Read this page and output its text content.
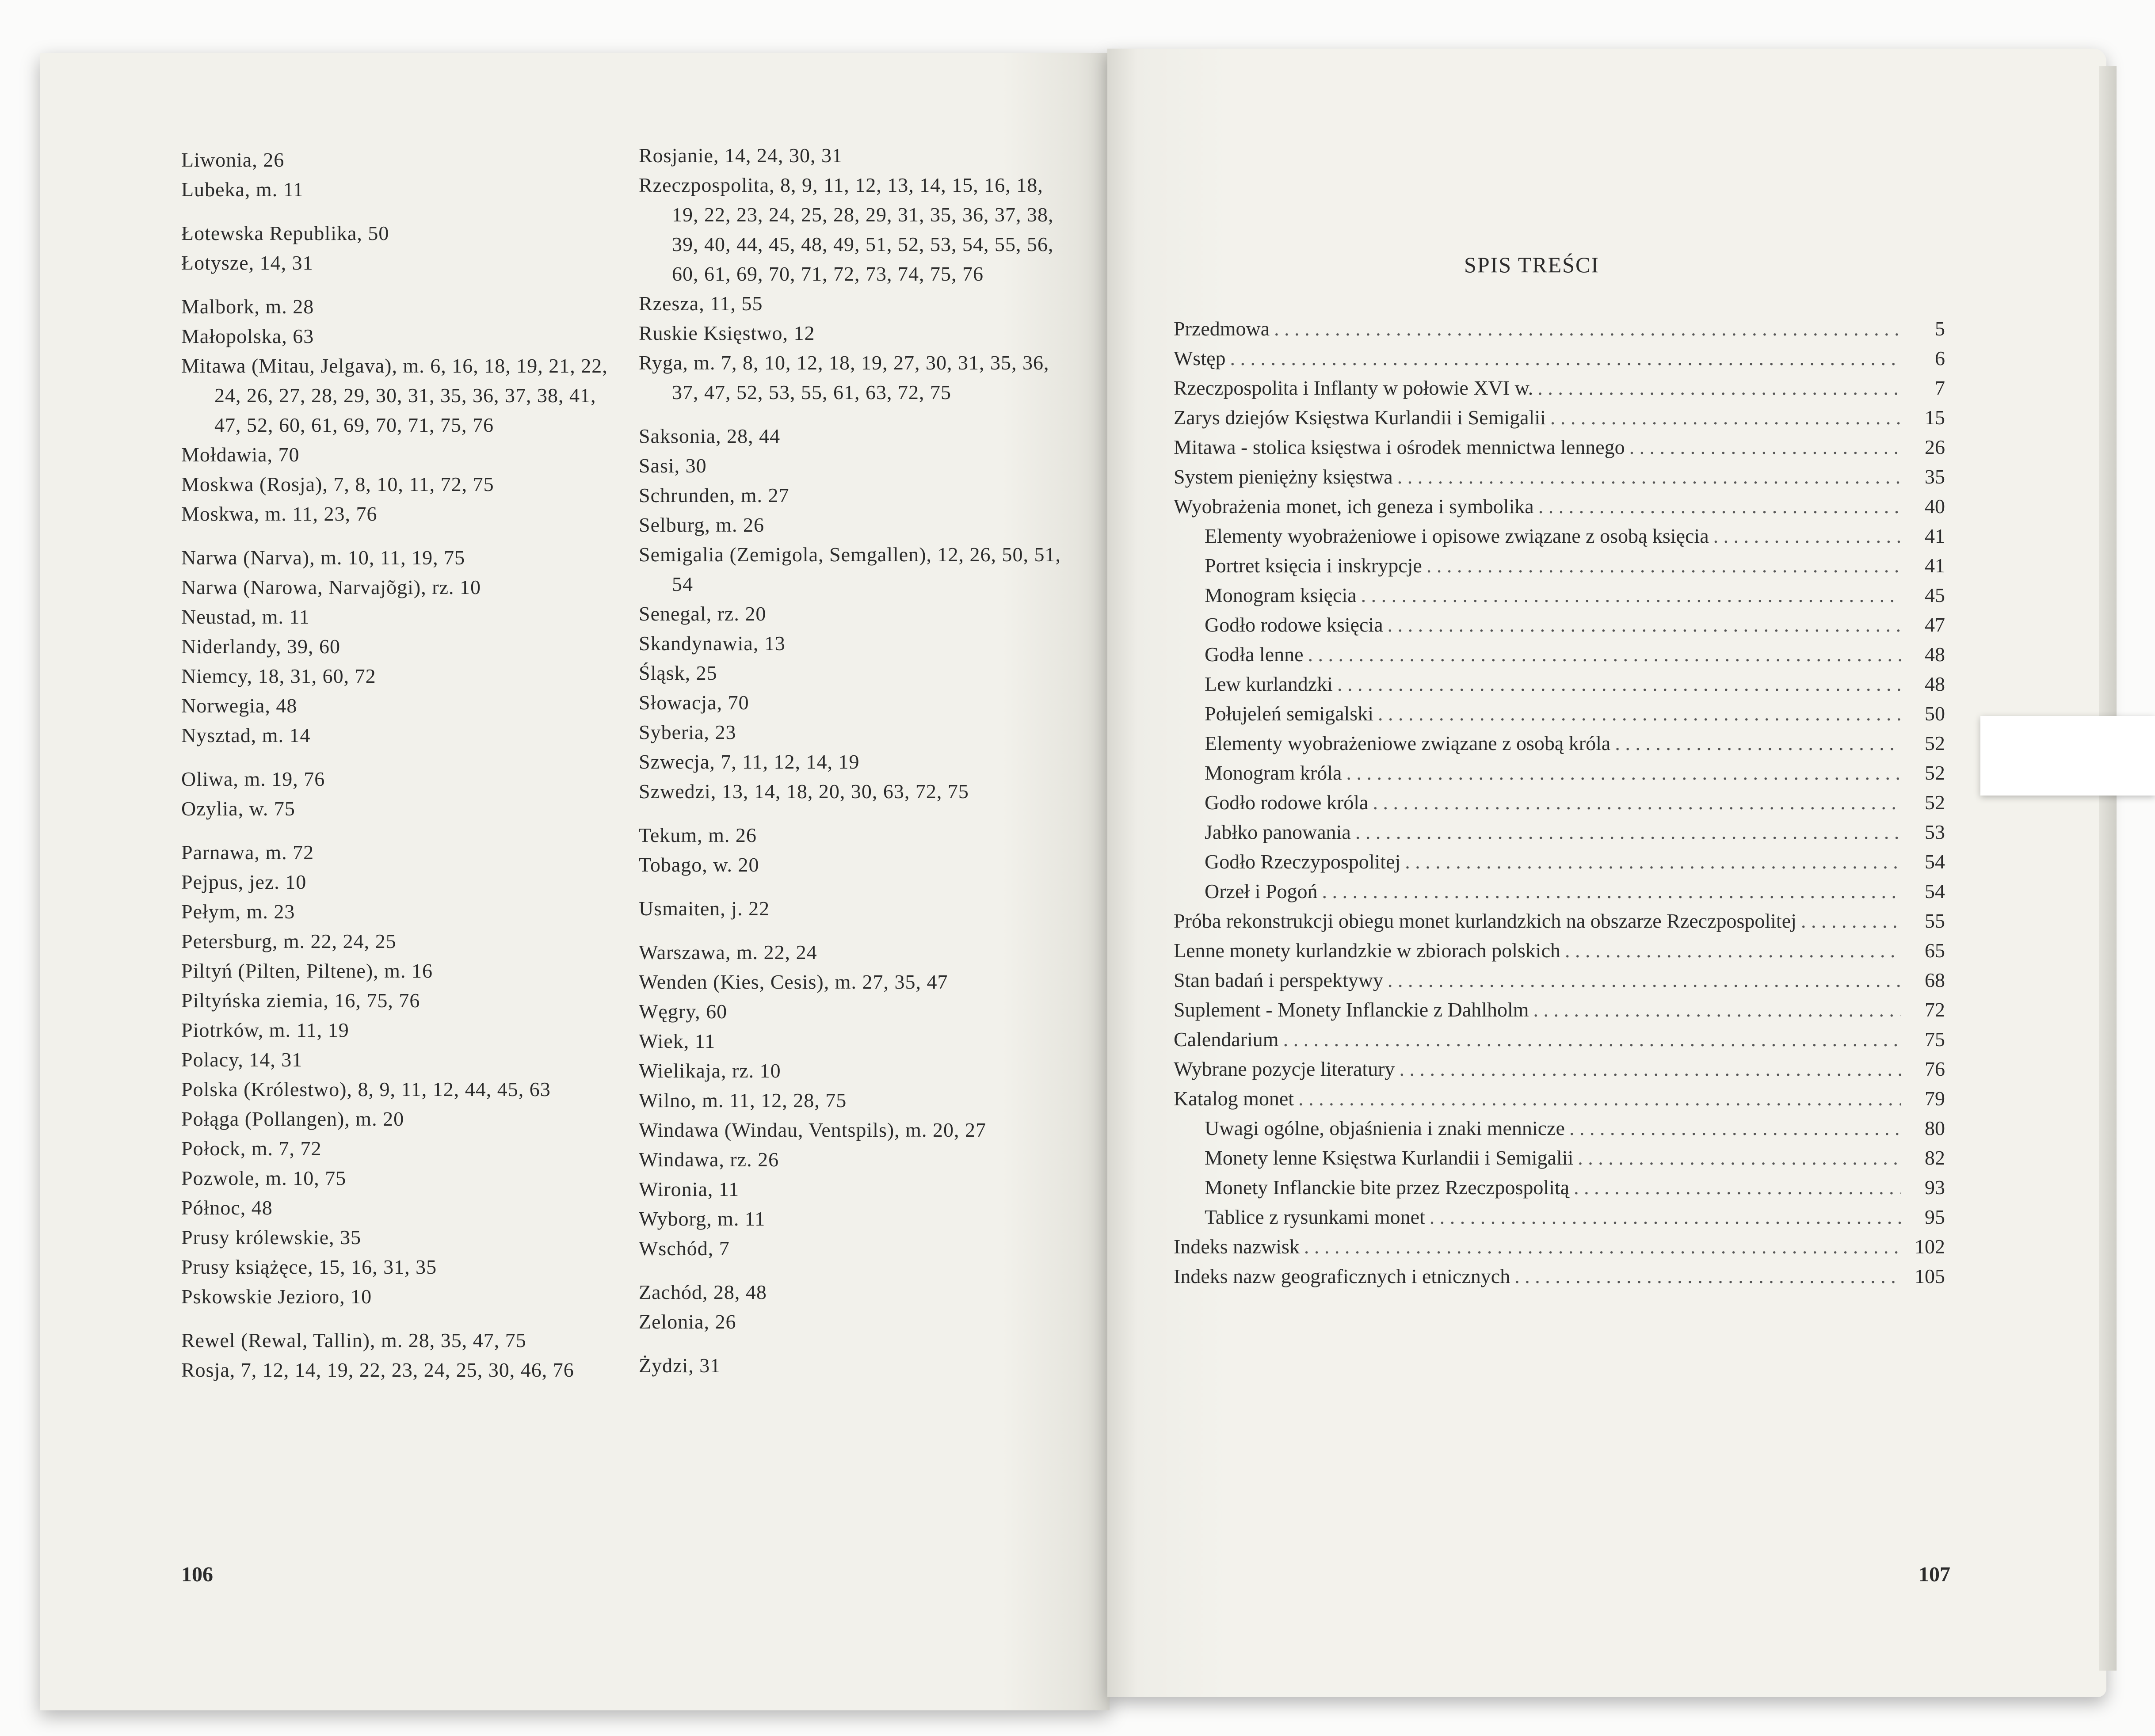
Liwonia, 26
Lubeka, m. 11
Łotewska Republika, 50
Łotysze, 14, 31
Malbork, m. 28
Małopolska, 63
Mitawa (Mitau, Jelgava), m. 6, 16, 18, 19, 21, 22, 24, 26, 27, 28, 29, 30, 31, 35, 36, 37, 38, 41, 47, 52, 60, 61, 69, 70, 71, 75, 76
Mołdawia, 70
Moskwa (Rosja), 7, 8, 10, 11, 72, 75
Moskwa, m. 11, 23, 76
Narwa (Narva), m. 10, 11, 19, 75
Narwa (Narowa, Narvajõgi), rz. 10
Neustad, m. 11
Niderlandy, 39, 60
Niemcy, 18, 31, 60, 72
Norwegia, 48
Nysztad, m. 14
Oliwa, m. 19, 76
Ozylia, w. 75
Parnawa, m. 72
Pejpus, jez. 10
Pełym, m. 23
Petersburg, m. 22, 24, 25
Piltyń (Pilten, Piltene), m. 16
Piltyńska ziemia, 16, 75, 76
Piotrków, m. 11, 19
Polacy, 14, 31
Polska (Królestwo), 8, 9, 11, 12, 44, 45, 63
Połąga (Pollangen), m. 20
Połock, m. 7, 72
Pozwole, m. 10, 75
Północ, 48
Prusy królewskie, 35
Prusy książęce, 15, 16, 31, 35
Pskowskie Jezioro, 10
Rewel (Rewal, Tallin), m. 28, 35, 47, 75
Rosja, 7, 12, 14, 19, 22, 23, 24, 25, 30, 46, 76
Rosjanie, 14, 24, 30, 31
Rzeczpospolita, 8, 9, 11, 12, 13, 14, 15, 16, 18, 19, 22, 23, 24, 25, 28, 29, 31, 35, 36, 37, 38, 39, 40, 44, 45, 48, 49, 51, 52, 53, 54, 55, 56, 60, 61, 69, 70, 71, 72, 73, 74, 75, 76
Rzesza, 11, 55
Ruskie Księstwo, 12
Ryga, m. 7, 8, 10, 12, 18, 19, 27, 30, 31, 35, 36, 37, 47, 52, 53, 55, 61, 63, 72, 75
Saksonia, 28, 44
Sasi, 30
Schrunden, m. 27
Selburg, m. 26
Semigalia (Zemigola, Semgallen), 12, 26, 50, 51, 54
Senegal, rz. 20
Skandynawia, 13
Śląsk, 25
Słowacja, 70
Syberia, 23
Szwecja, 7, 11, 12, 14, 19
Szwedzi, 13, 14, 18, 20, 30, 63, 72, 75
Tekum, m. 26
Tobago, w. 20
Usmaiten, j. 22
Warszawa, m. 22, 24
Wenden (Kies, Cesis), m. 27, 35, 47
Węgry, 60
Wiek, 11
Wielikaja, rz. 10
Wilno, m. 11, 12, 28, 75
Windawa (Windau, Ventspils), m. 20, 27
Windawa, rz. 26
Wironia, 11
Wyborg, m. 11
Wschód, 7
Zachód, 28, 48
Zelonia, 26
Żydzi, 31
106	107
SPIS TREŚCI
Przedmowa . . .	5
Wstęp . . .	6
Rzeczpospolita i Inflanty w połowie XVI w. . . .	7
Zarys dziejów Księstwa Kurlandii i Semigalii . . .	15
Mitawa - stolica księstwa i ośrodek mennictwa lennego . . .	26
System pieniężny księstwa . . .	35
Wyobrażenia monet, ich geneza i symbolika . . .	40
Elementy wyobrażeniowe i opisowe związane z osobą księcia . . .	41
Portret księcia i inskrypcje . . .	41
Monogram księcia . . .	45
Godło rodowe księcia . . .	47
Godła lenne . . .	48
Lew kurlandzki . . .	48
Połujeleń semigalski . . .	50
Elementy wyobrażeniowe związane z osobą króla . . .	52
Monogram króla . . .	52
Godło rodowe króla . . .	52
Jabłko panowania . . .	53
Godło Rzeczypospolitej . . .	54
Orzeł i Pogoń . . .	54
Próba rekonstrukcji obiegu monet kurlandzkich na obszarze Rzeczpospolitej . . .	55
Lenne monety kurlandzkie w zbiorach polskich . . .	65
Stan badań i perspektywy . . .	68
Suplement - Monety Inflanckie z Dahlholm . . .	72
Calendarium . . .	75
Wybrane pozycje literatury . . .	76
Katalog monet . . .	79
Uwagi ogólne, objaśnienia i znaki mennicze . . .	80
Monety lenne Księstwa Kurlandii i Semigalii . . .	82
Monety Inflanckie bite przez Rzeczpospolitą . . .	93
Tablice z rysunkami monet . . .	95
Indeks nazwisk . . .	102
Indeks nazw geograficznych i etnicznych . . .	105
